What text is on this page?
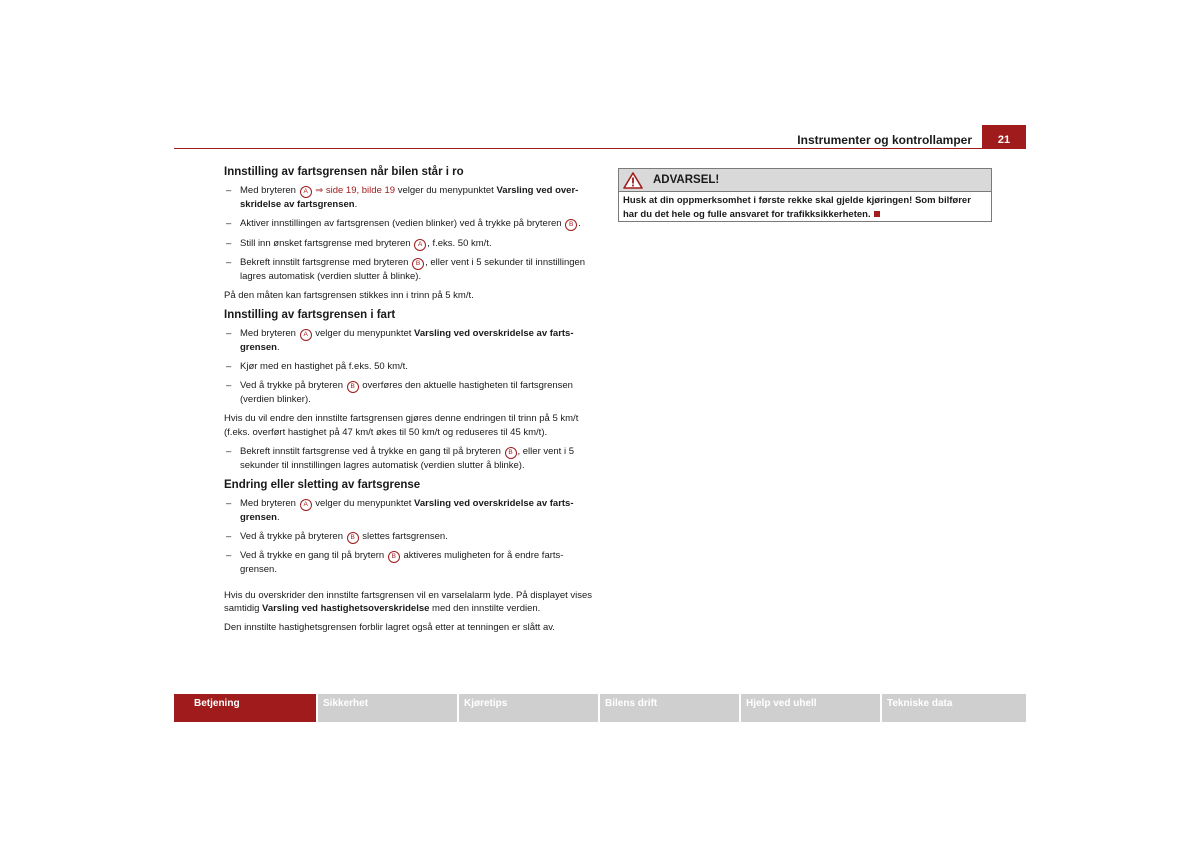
Instrumenter og kontrollamper	21
Innstilling av fartsgrensen når bilen står i ro
– Med bryteren A ⇒ side 19, bilde 19 velger du menypunktet Varsling ved over-skridelse av fartsgrensen.
– Aktiver innstillingen av fartsgrensen (vedien blinker) ved å trykke på bryteren B .
– Still inn ønsket fartsgrense med bryteren A , f.eks. 50 km/t.
– Bekreft innstilt fartsgrense med bryteren B , eller vent i 5 sekunder til innstillingen lagres automatisk (verdien slutter å blinke).

På den måten kan fartsgrensen stikkes inn i trinn på 5 km/t.

Innstilling av fartsgrensen i fart
– Med bryteren A velger du menypunktet Varsling ved overskridelse av farts-grensen.
– Kjør med en hastighet på f.eks. 50 km/t.
– Ved å trykke på bryteren B overføres den aktuelle hastigheten til fartsgrensen (verdien blinker).

Hvis du vil endre den innstilte fartsgrensen gjøres denne endringen til trinn på 5 km/t (f.eks. overført hastighet på 47 km/t økes til 50 km/t og reduseres til 45 km/t).

– Bekreft innstilt fartsgrense ved å trykke en gang til på bryteren B , eller vent i 5 sekunder til innstillingen lagres automatisk (verdien slutter å blinke).
Endring eller sletting av fartsgrense
– Med bryteren A velger du menypunktet Varsling ved overskridelse av farts-grensen.
– Ved å trykke på bryteren B slettes fartsgrensen.
– Ved å trykke en gang til på brytern B aktiveres muligheten for å endre farts-grensen.

Hvis du overskrider den innstilte fartsgrensen vil en varselalarm lyde. På displayet vises samtidig Varsling ved hastighetsoverskridelse med den innstilte verdien.

Den innstilte hastighetsgrensen forblir lagret også etter at tenningen er slått av.

ADVARSEL!
Husk at din oppmerksomhet i første rekke skal gjelde kjøringen! Som bilfører har du det hele og fulle ansvaret for trafikksikkerheten.
Betjening	Sikkerhet	Kjøretips	Bilens drift	Hjelp ved uhell	Tekniske data
